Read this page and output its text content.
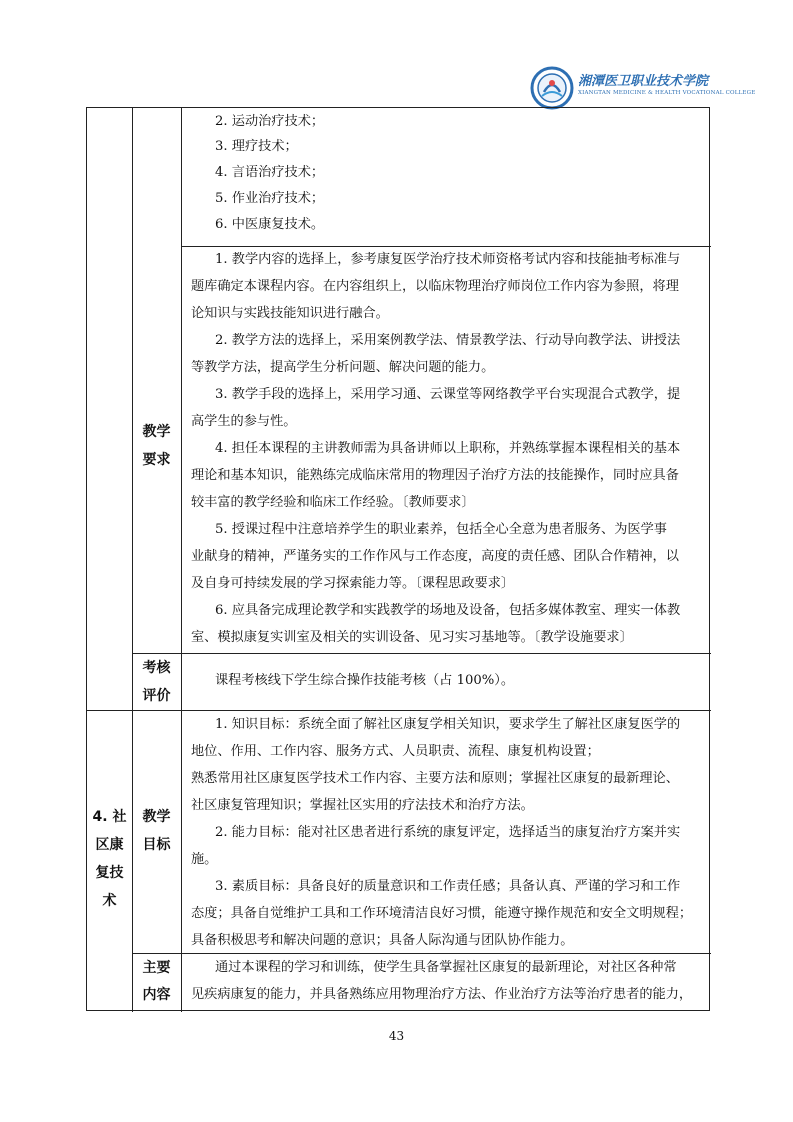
湘潭医卫职业技术学院
XIANGTAN MEDICINE & HEALTH VOCATIONAL COLLEGE
2. 运动治疗技术；
3. 理疗技术；
4. 言语治疗技术；
5. 作业治疗技术；
6. 中医康复技术。
教学
要求
1. 教学内容的选择上，参考康复医学治疗技术师资格考试内容和技能抽考标准与
题库确定本课程内容。在内容组织上，以临床物理治疗师岗位工作内容为参照，将理
论知识与实践技能知识进行融合。
2. 教学方法的选择上，采用案例教学法、情景教学法、行动导向教学法、讲授法
等教学方法，提高学生分析问题、解决问题的能力。
3. 教学手段的选择上，采用学习通、云课堂等网络教学平台实现混合式教学，提
高学生的参与性。
4. 担任本课程的主讲教师需为具备讲师以上职称，并熟练掌握本课程相关的基本
理论和基本知识，能熟练完成临床常用的物理因子治疗方法的技能操作，同时应具备
较丰富的教学经验和临床工作经验。〔教师要求〕
5. 授课过程中注意培养学生的职业素养，包括全心全意为患者服务、为医学事
业献身的精神，严谨务实的工作作风与工作态度，高度的责任感、团队合作精神，以
及自身可持续发展的学习探索能力等。〔课程思政要求〕
6. 应具备完成理论教学和实践教学的场地及设备，包括多媒体教室、理实一体教
室、模拟康复实训室及相关的实训设备、见习实习基地等。〔教学设施要求〕
考核
评价
课程考核线下学生综合操作技能考核（占 100%）。
4. 社
区康
复技
术
教学
目标
1. 知识目标：系统全面了解社区康复学相关知识，要求学生了解社区康复医学的
地位、作用、工作内容、服务方式、人员职责、流程、康复机构设置；
熟悉常用社区康复医学技术工作内容、主要方法和原则；掌握社区康复的最新理论、
社区康复管理知识；掌握社区实用的疗法技术和治疗方法。
2. 能力目标：能对社区患者进行系统的康复评定，选择适当的康复治疗方案并实
施。
3. 素质目标：具备良好的质量意识和工作责任感；具备认真、严谨的学习和工作
态度；具备自觉维护工具和工作环境清洁良好习惯，能遵守操作规范和安全文明规程；
具备积极思考和解决问题的意识；具备人际沟通与团队协作能力。
主要
内容
通过本课程的学习和训练，使学生具备掌握社区康复的最新理论，对社区各种常
见疾病康复的能力，并具备熟练应用物理治疗方法、作业治疗方法等治疗患者的能力，
43
